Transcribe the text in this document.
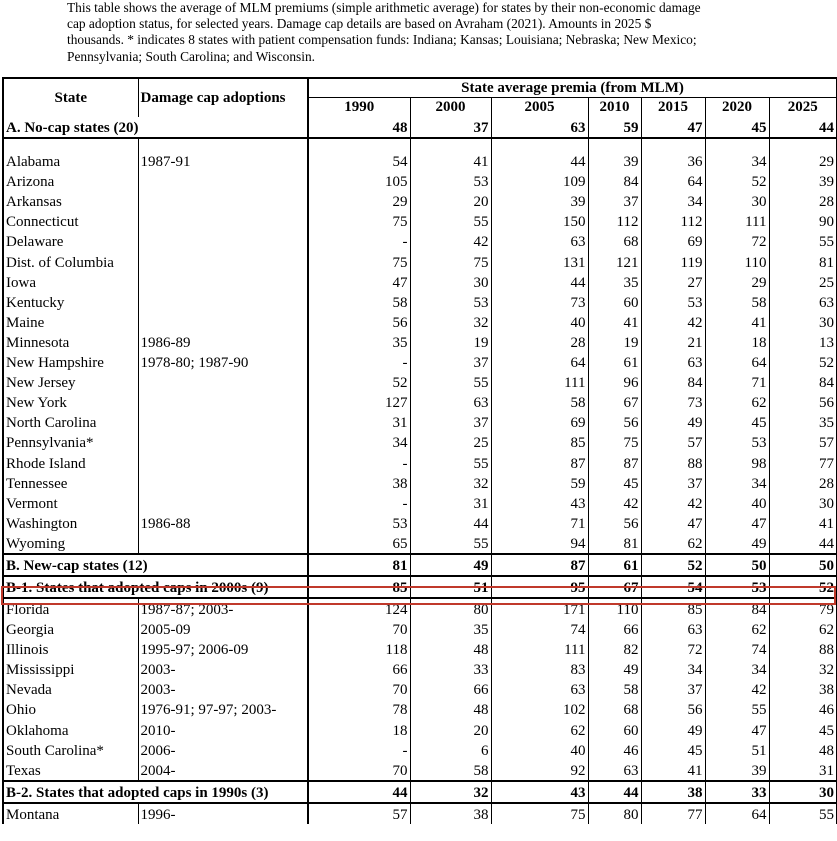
This table shows the average of MLM premiums (simple arithmetic average) for states by their non-economic damage

cap adoption status, for selected years. Damage cap details are based on Avraham (2021). Amounts in 2025 $

thousands. * indicates 8 states with patient compensation funds: Indiana; Kansas; Louisiana; Nebraska; New Mexico;

Pennsylvania; South Carolina; and Wisconsin.

State	Damage cap adoptions	State average premia (from MLM)						
		1990	2000	2005	2010	2015	2020	2025
A. No-cap states (20)		48	37	63	59	47	45	44

Alabama	1987-91	54	41	44	39	36	34	29
Arizona		105	53	109	84	64	52	39
Arkansas		29	20	39	37	34	30	28
Connecticut		75	55	150	112	112	111	90
Delaware		-	42	63	68	69	72	55
Dist. of Columbia		75	75	131	121	119	110	81
Iowa		47	30	44	35	27	29	25
Kentucky		58	53	73	60	53	58	63
Maine		56	32	40	41	42	41	30
Minnesota	1986-89	35	19	28	19	21	18	13
New Hampshire	1978-80; 1987-90	-	37	64	61	63	64	52
New Jersey		52	55	111	96	84	71	84
New York		127	63	58	67	73	62	56
North Carolina		31	37	69	56	49	45	35
Pennsylvania*		34	25	85	75	57	53	57
Rhode Island		-	55	87	87	88	98	77
Tennessee		38	32	59	45	37	34	28
Vermont		-	31	43	42	42	40	30
Washington	1986-88	53	44	71	56	47	47	41
Wyoming		65	55	94	81	62	49	44
B. New-cap states (12)		81	49	87	61	52	50	50
B-1. States that adopted caps in 2000s (9)		85	51	95	67	54	53	52
Florida	1987-87; 2003-	124	80	171	110	85	84	79
Georgia	2005-09	70	35	74	66	63	62	62
Illinois	1995-97; 2006-09	118	48	111	82	72	74	88
Mississippi	2003-	66	33	83	49	34	34	32
Nevada	2003-	70	66	63	58	37	42	38
Ohio	1976-91; 97-97; 2003-	78	48	102	68	56	55	46
Oklahoma	2010-	18	20	62	60	49	47	45
South Carolina*	2006-	-	6	40	46	45	51	48
Texas	2004-	70	58	92	63	41	39	31
B-2. States that adopted caps in 1990s (3)		44	32	43	44	38	33	30
Montana	1996-	57	38	75	80	77	64	55
